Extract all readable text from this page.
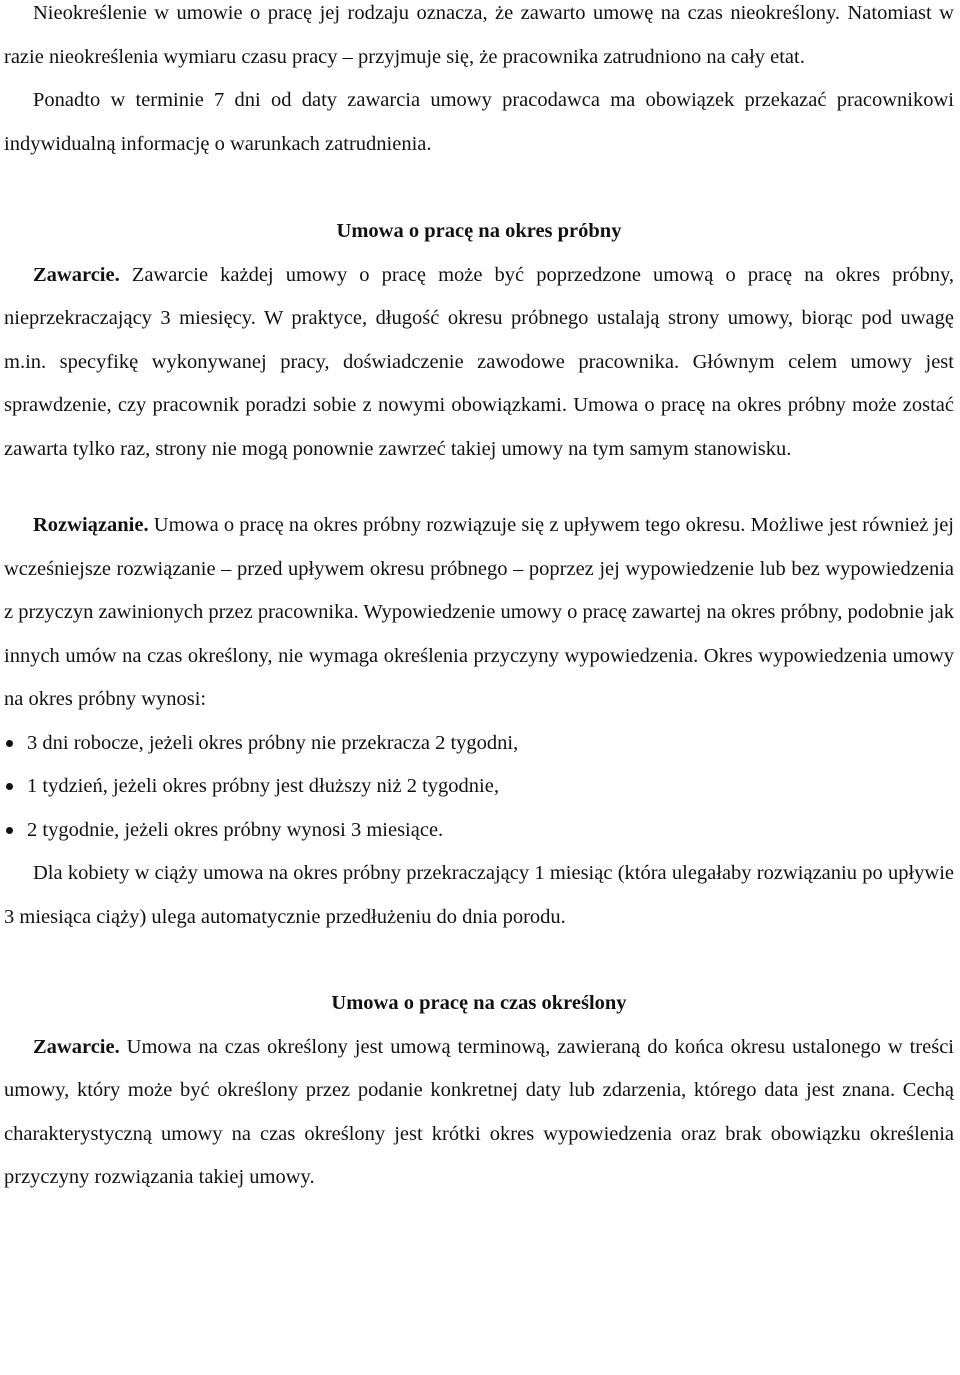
Nieokreślenie w umowie o pracę jej rodzaju oznacza, że zawarto umowę na czas nieokreślony. Natomiast w razie nieokreślenia wymiaru czasu pracy – przyjmuje się, że pracownika zatrudniono na cały etat.

Ponadto w terminie 7 dni od daty zawarcia umowy pracodawca ma obowiązek przekazać pracownikowi indywidualną informację o warunkach zatrudnienia.

Umowa o pracę na okres próbny

Zawarcie. Zawarcie każdej umowy o pracę może być poprzedzone umową o pracę na okres próbny, nieprzekraczający 3 miesięcy. W praktyce, długość okresu próbnego ustalają strony umowy, biorąc pod uwagę m.in. specyfikę wykonywanej pracy, doświadczenie zawodowe pracownika. Głównym celem umowy jest sprawdzenie, czy pracownik poradzi sobie z nowymi obowiązkami. Umowa o pracę na okres próbny może zostać zawarta tylko raz, strony nie mogą ponownie zawrzeć takiej umowy na tym samym stanowisku.

Rozwiązanie. Umowa o pracę na okres próbny rozwiązuje się z upływem tego okresu. Możliwe jest również jej wcześniejsze rozwiązanie – przed upływem okresu próbnego – poprzez jej wypowiedzenie lub bez wypowiedzenia z przyczyn zawinionych przez pracownika. Wypowiedzenie umowy o pracę zawartej na okres próbny, podobnie jak innych umów na czas określony, nie wymaga określenia przyczyny wypowiedzenia. Okres wypowiedzenia umowy na okres próbny wynosi:

3 dni robocze, jeżeli okres próbny nie przekracza 2 tygodni,
1 tydzień, jeżeli okres próbny jest dłuższy niż 2 tygodnie,
2 tygodnie, jeżeli okres próbny wynosi 3 miesiące.

Dla kobiety w ciąży umowa na okres próbny przekraczający 1 miesiąc (która ulegałaby rozwiązaniu po upływie 3 miesiąca ciąży) ulega automatycznie przedłużeniu do dnia porodu.

Umowa o pracę na czas określony

Zawarcie. Umowa na czas określony jest umową terminową, zawieraną do końca okresu ustalonego w treści umowy, który może być określony przez podanie konkretnej daty lub zdarzenia, którego data jest znana. Cechą charakterystyczną umowy na czas określony jest krótki okres wypowiedzenia oraz brak obowiązku określenia przyczyny rozwiązania takiej umowy.
